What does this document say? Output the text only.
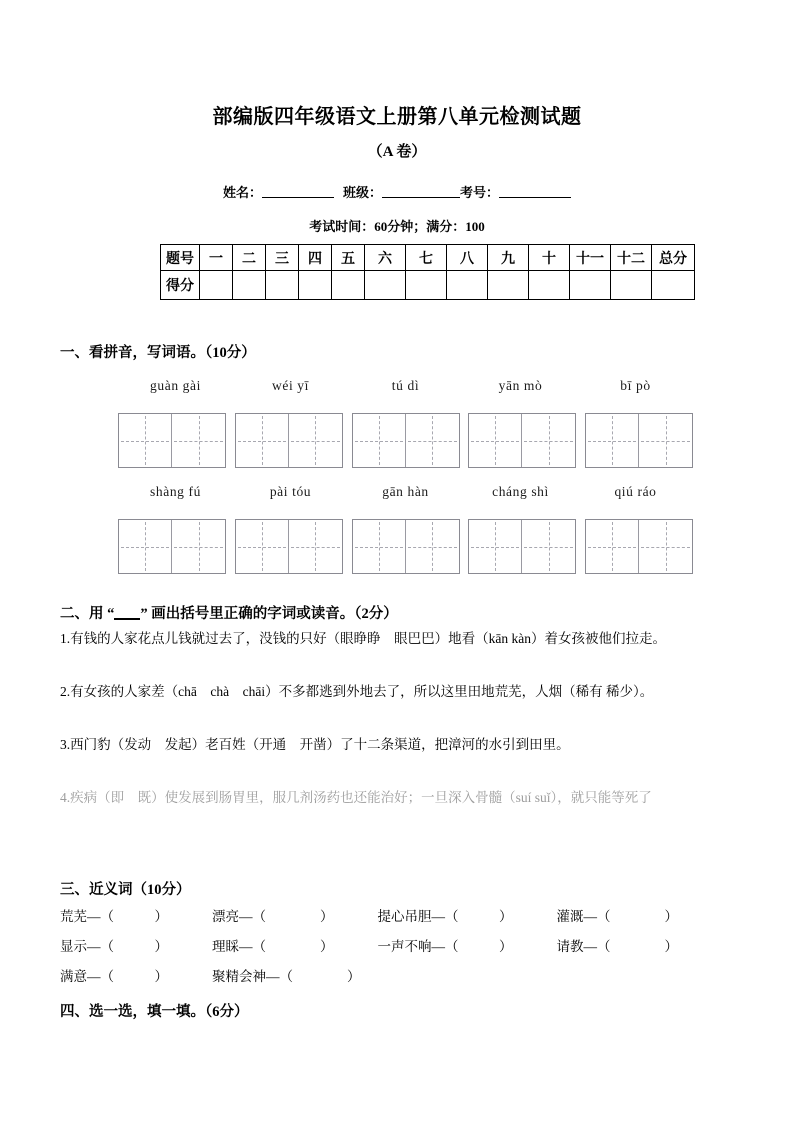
部编版四年级语文上册第八单元检测试题
（A 卷）
姓名：	班级：	考号：
考试时间：60分钟；满分：100
题号	一	二	三	四	五	六	七	八	九	十	十一	十二	总分
得分													
一、看拼音，写词语。（10分）
guàn gài	wéi yī	tú dì	yān mò	bī pò
shàng fú	pài tóu	gān hàn	cháng shì	qiú ráo
二、用 “ ” 画出括号里正确的字词或读音。（2分）
1.有钱的人家花点儿钱就过去了，没钱的只好（眼睁睁　眼巴巴）地看（kān kàn）着女孩被他们拉走。
2.有女孩的人家差（chā　chà　chāi）不多都逃到外地去了，所以这里田地荒芜，人烟（稀有 稀少）。
3.西门豹（发动　发起）老百姓（开通　开凿）了十二条渠道，把漳河的水引到田里。
4.疾病（即　既）使发展到肠胃里，服几剂汤药也还能治好；一旦深入骨髓（suí suǐ），就只能等死了
三、近义词（10分）
荒芜—（　　　）	漂亮—（　　　　）	提心吊胆—（　　　）	灌溉—（　　　　）
显示—（　　　）	理睬—（　　　　）	一声不响—（　　　）	请教—（　　　　）
满意—（　　　）	聚精会神—（　　　　）
四、选一选，填一填。（6分）
